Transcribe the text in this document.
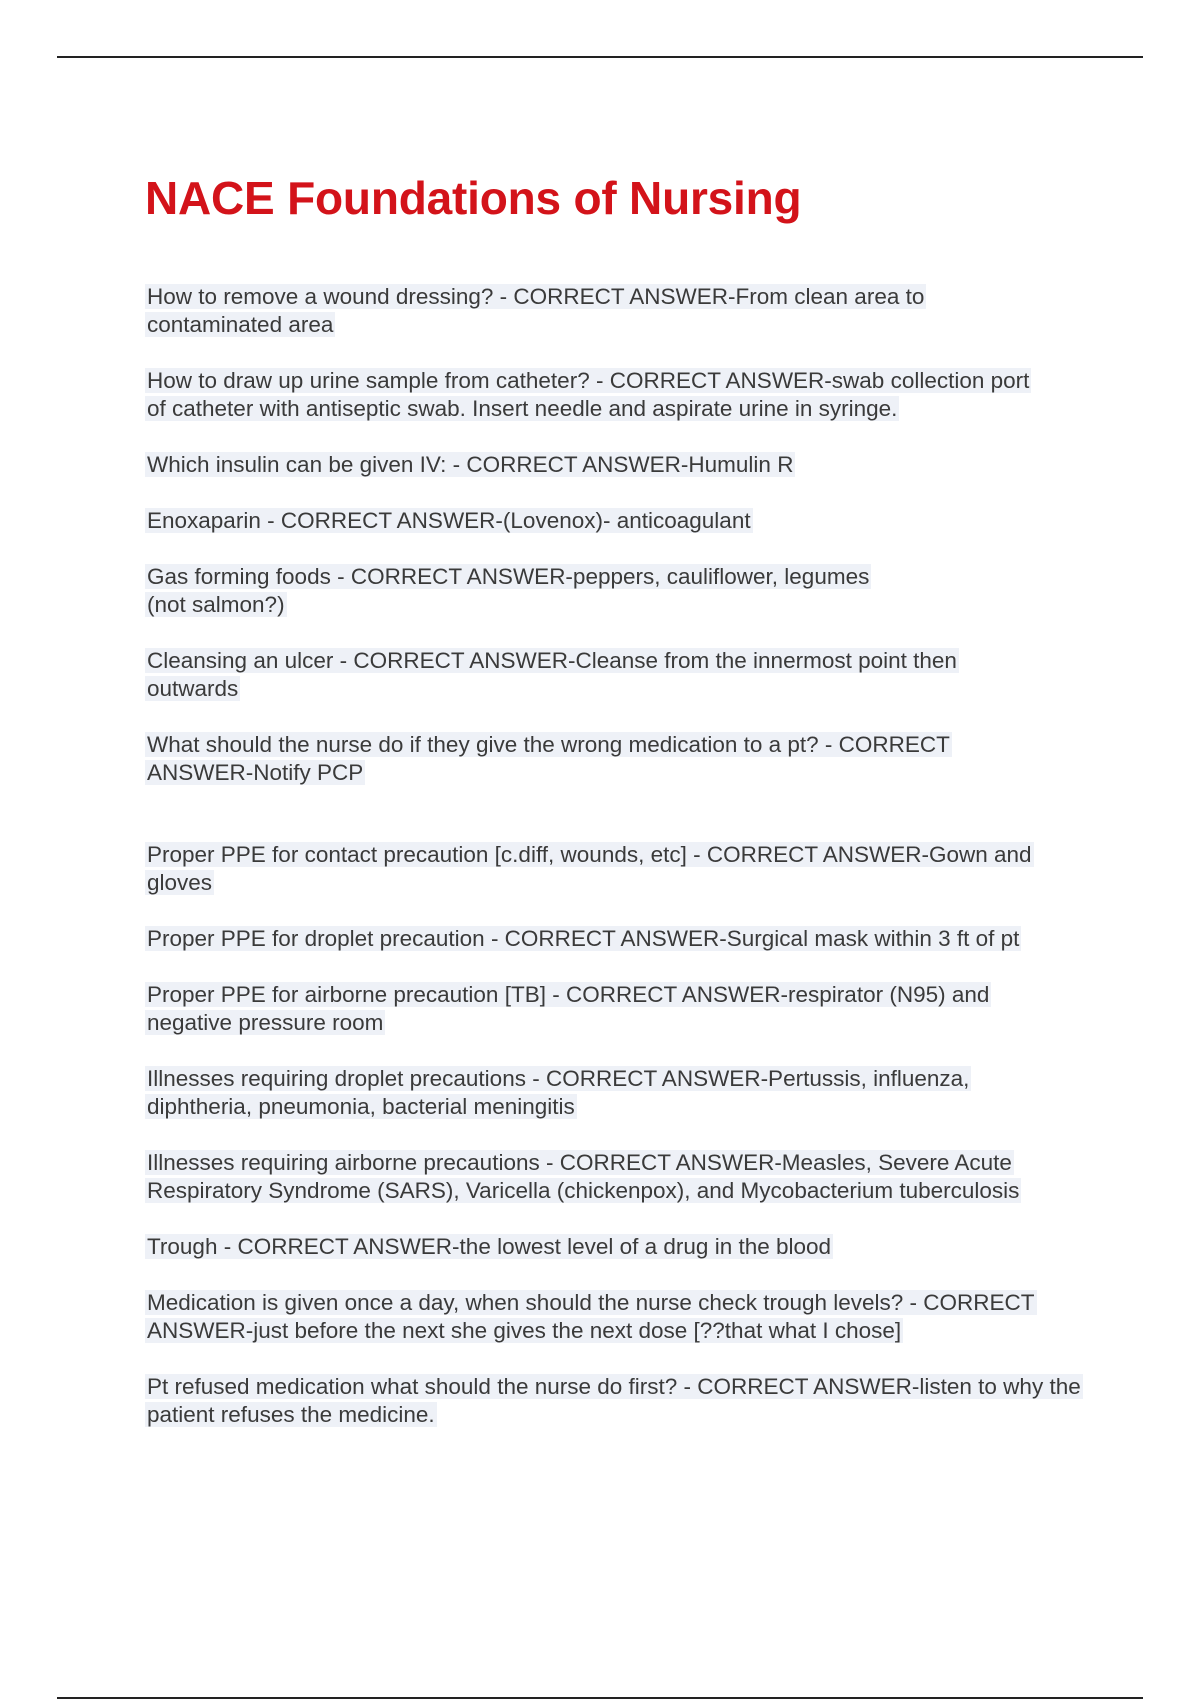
NACE Foundations of Nursing
How to remove a wound dressing? - CORRECT ANSWER-From clean area to contaminated area
How to draw up urine sample from catheter? - CORRECT ANSWER-swab collection port of catheter with antiseptic swab. Insert needle and aspirate urine in syringe.
Which insulin can be given IV: - CORRECT ANSWER-Humulin R
Enoxaparin - CORRECT ANSWER-(Lovenox)- anticoagulant
Gas forming foods - CORRECT ANSWER-peppers, cauliflower, legumes
(not salmon?)
Cleansing an ulcer - CORRECT ANSWER-Cleanse from the innermost point then outwards
What should the nurse do if they give the wrong medication to a pt? - CORRECT ANSWER-Notify PCP
Proper PPE for contact precaution [c.diff, wounds, etc] - CORRECT ANSWER-Gown and gloves
Proper PPE for droplet precaution - CORRECT ANSWER-Surgical mask within 3 ft of pt
Proper PPE for airborne precaution [TB] - CORRECT ANSWER-respirator (N95) and negative pressure room
Illnesses requiring droplet precautions - CORRECT ANSWER-Pertussis, influenza, diphtheria, pneumonia, bacterial meningitis
Illnesses requiring airborne precautions - CORRECT ANSWER-Measles, Severe Acute Respiratory Syndrome (SARS), Varicella (chickenpox), and Mycobacterium tuberculosis
Trough - CORRECT ANSWER-the lowest level of a drug in the blood
Medication is given once a day, when should the nurse check trough levels? - CORRECT ANSWER-just before the next she gives the next dose [??that what I chose]
Pt refused medication what should the nurse do first? - CORRECT ANSWER-listen to why the patient refuses the medicine.
